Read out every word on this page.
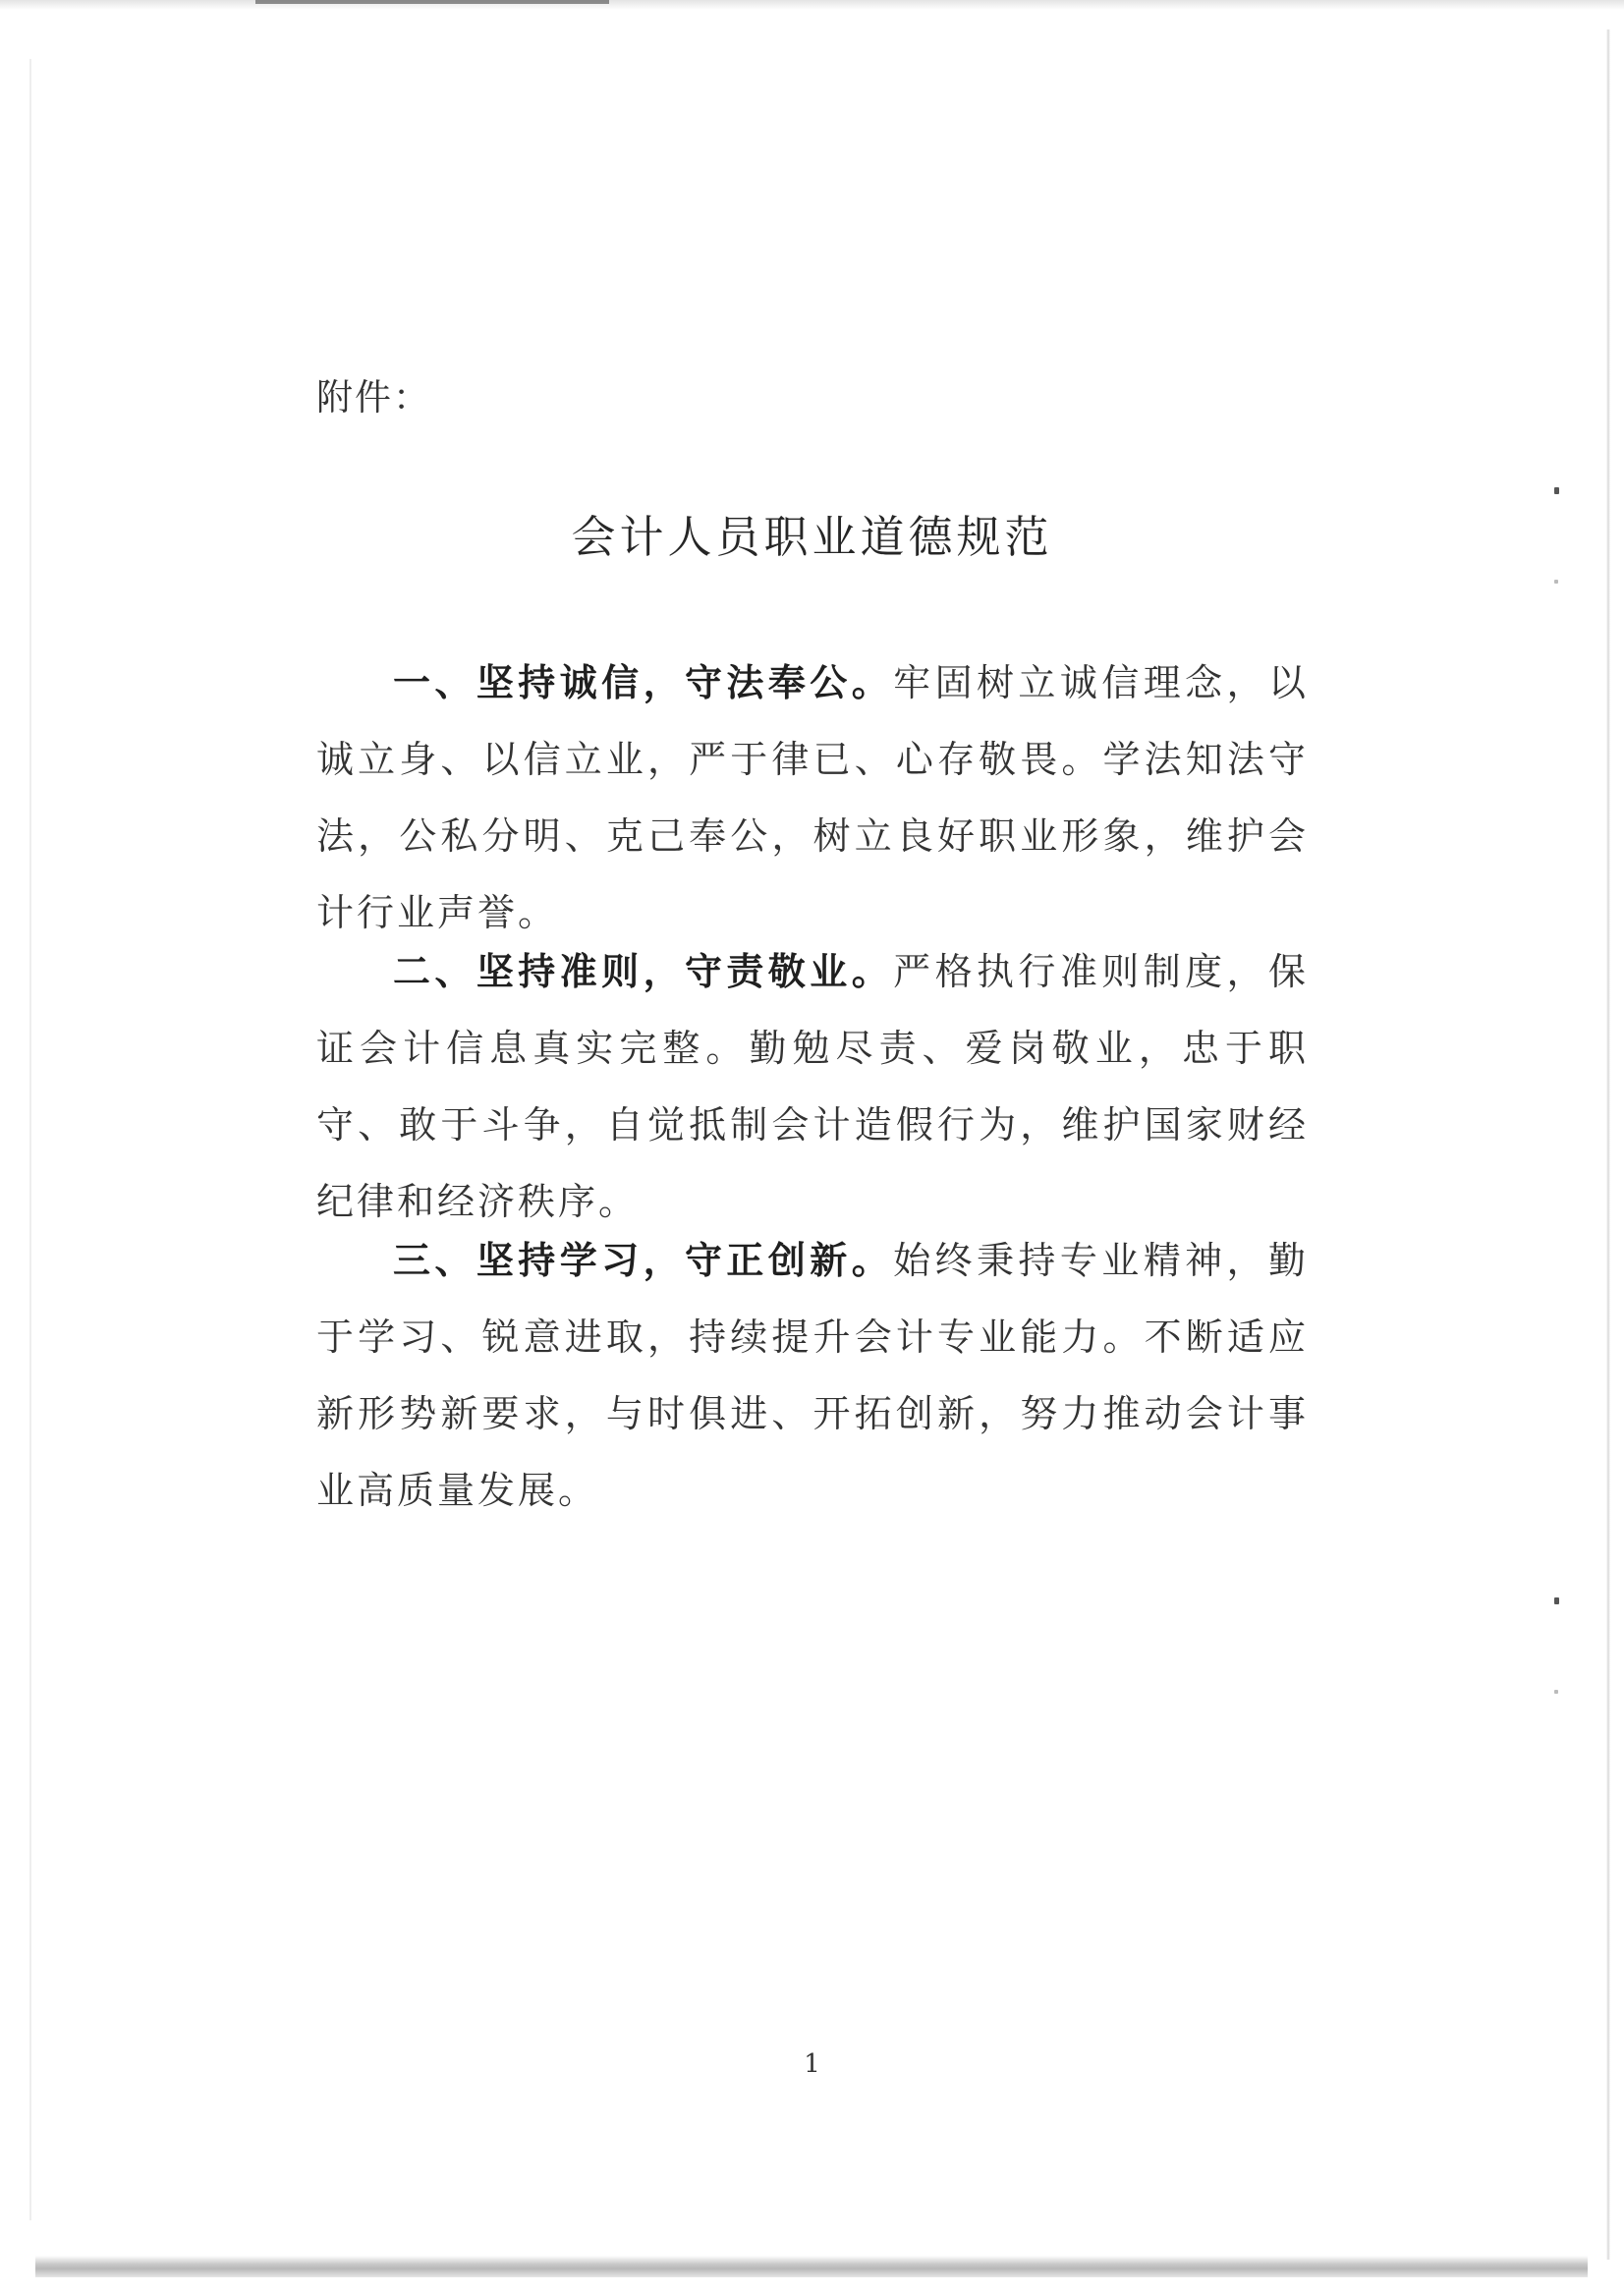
附件：
会计人员职业道德规范

一、坚持诚信，守法奉公。牢固树立诚信理念，以诚立身、以信立业，严于律已、心存敬畏。学法知法守法，公私分明、克己奉公，树立良好职业形象，维护会计行业声誉。

二、坚持准则，守责敬业。严格执行准则制度，保证会计信息真实完整。勤勉尽责、爱岗敬业，忠于职守、敢于斗争，自觉抵制会计造假行为，维护国家财经纪律和经济秩序。

三、坚持学习，守正创新。始终秉持专业精神，勤于学习、锐意进取，持续提升会计专业能力。不断适应新形势新要求，与时俱进、开拓创新，努力推动会计事业高质量发展。

1
